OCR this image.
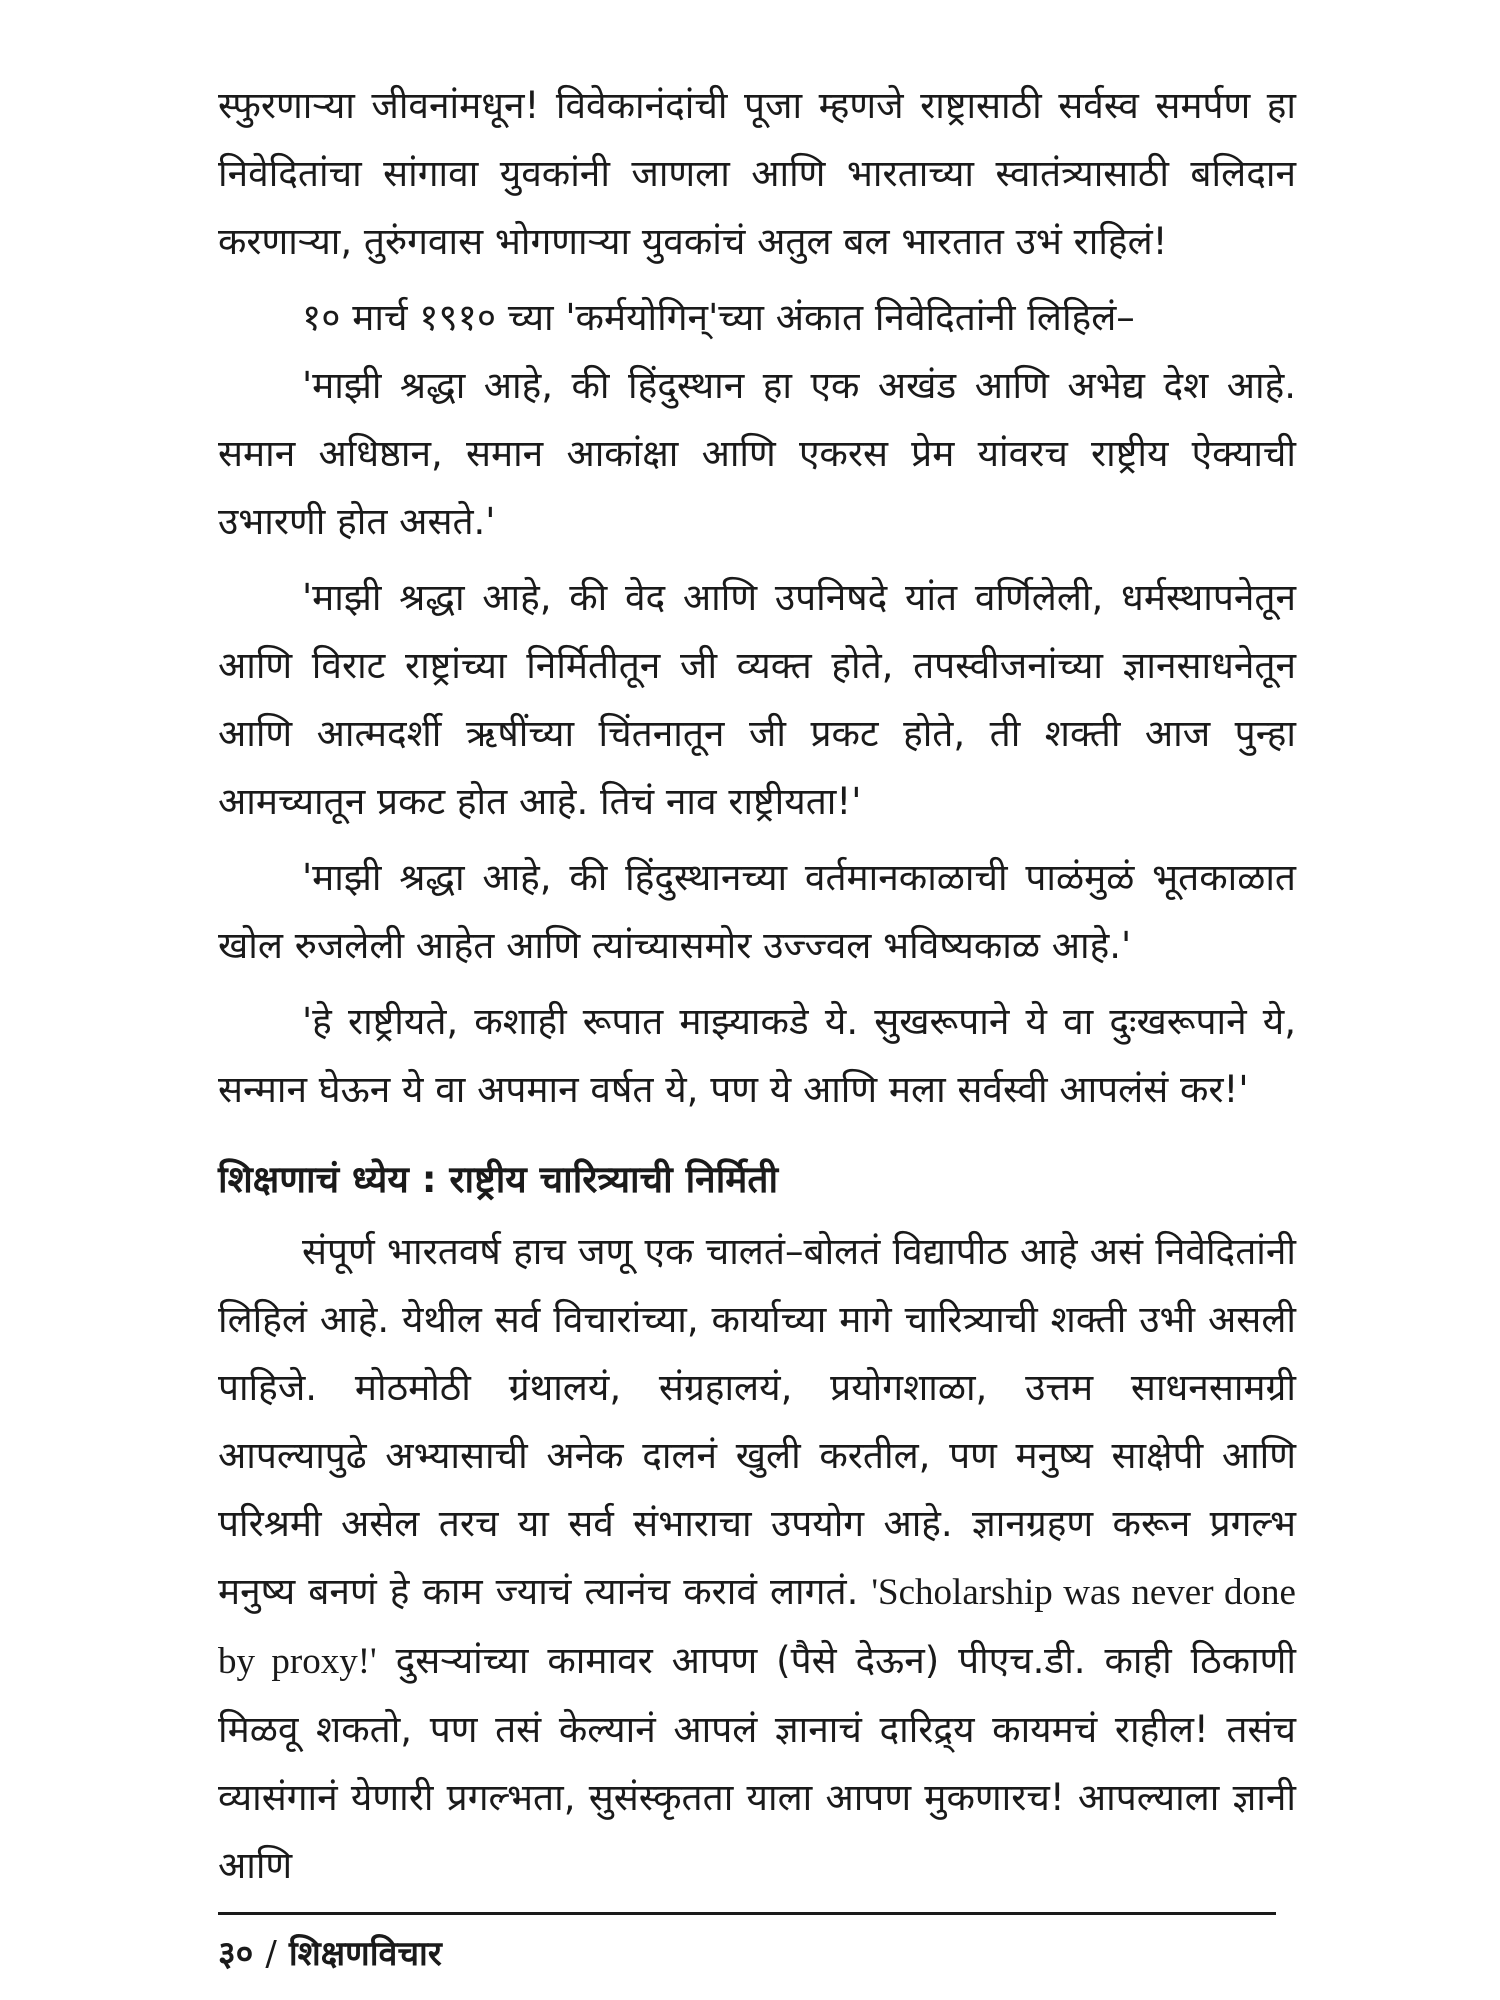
स्फुरणाऱ्या जीवनांमधून! विवेकानंदांची पूजा म्हणजे राष्ट्रासाठी सर्वस्व समर्पण हा निवेदितांचा सांगावा युवकांनी जाणला आणि भारताच्या स्वातंत्र्यासाठी बलिदान करणाऱ्या, तुरुंगवास भोगणाऱ्या युवकांचं अतुल बल भारतात उभं राहिलं!

१० मार्च १९१० च्या 'कर्मयोगिन्'च्या अंकात निवेदितांनी लिहिलं–

'माझी श्रद्धा आहे, की हिंदुस्थान हा एक अखंड आणि अभेद्य देश आहे. समान अधिष्ठान, समान आकांक्षा आणि एकरस प्रेम यांवरच राष्ट्रीय ऐक्याची उभारणी होत असते.'

'माझी श्रद्धा आहे, की वेद आणि उपनिषदे यांत वर्णिलेली, धर्मस्थापनेतून आणि विराट राष्ट्रांच्या निर्मितीतून जी व्यक्त होते, तपस्वीजनांच्या ज्ञानसाधनेतून आणि आत्मदर्शी ऋषींच्या चिंतनातून जी प्रकट होते, ती शक्ती आज पुन्हा आमच्यातून प्रकट होत आहे. तिचं नाव राष्ट्रीयता!'

'माझी श्रद्धा आहे, की हिंदुस्थानच्या वर्तमानकाळाची पाळंमुळं भूतकाळात खोल रुजलेली आहेत आणि त्यांच्यासमोर उज्ज्वल भविष्यकाळ आहे.'

'हे राष्ट्रीयते, कशाही रूपात माझ्याकडे ये. सुखरूपाने ये वा दुःखरूपाने ये, सन्मान घेऊन ये वा अपमान वर्षत ये, पण ये आणि मला सर्वस्वी आपलंसं कर!'

शिक्षणाचं ध्येय : राष्ट्रीय चारित्र्याची निर्मिती

संपूर्ण भारतवर्ष हाच जणू एक चालतं–बोलतं विद्यापीठ आहे असं निवेदितांनी लिहिलं आहे. येथील सर्व विचारांच्या, कार्याच्या मागे चारित्र्याची शक्ती उभी असली पाहिजे. मोठमोठी ग्रंथालयं, संग्रहालयं, प्रयोगशाळा, उत्तम साधनसामग्री आपल्यापुढे अभ्यासाची अनेक दालनं खुली करतील, पण मनुष्य साक्षेपी आणि परिश्रमी असेल तरच या सर्व संभाराचा उपयोग आहे. ज्ञानग्रहण करून प्रगल्भ मनुष्य बनणं हे काम ज्याचं त्यानंच करावं लागतं. 'Scholarship was never done by proxy!' दुसऱ्यांच्या कामावर आपण (पैसे देऊन) पीएच.डी. काही ठिकाणी मिळवू शकतो, पण तसं केल्यानं आपलं ज्ञानाचं दारिद्र्य कायमचं राहील! तसंच व्यासंगानं येणारी प्रगल्भता, सुसंस्कृतता याला आपण मुकणारच! आपल्याला ज्ञानी आणि

३० / शिक्षणविचार
